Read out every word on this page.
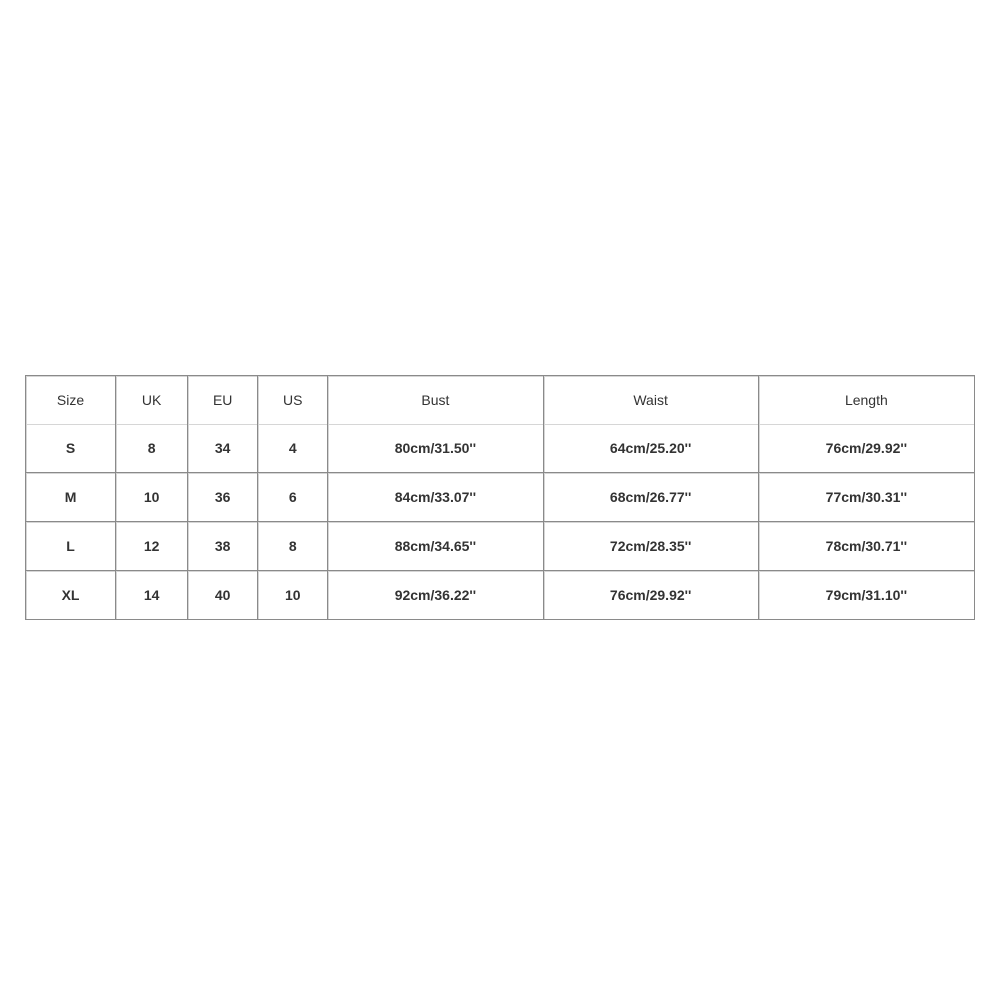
Size	UK	EU	US	Bust	Waist	Length
S	8	34	4	80cm/31.50''	64cm/25.20''	76cm/29.92''
M	10	36	6	84cm/33.07''	68cm/26.77''	77cm/30.31''
L	12	38	8	88cm/34.65''	72cm/28.35''	78cm/30.71''
XL	14	40	10	92cm/36.22''	76cm/29.92''	79cm/31.10''
